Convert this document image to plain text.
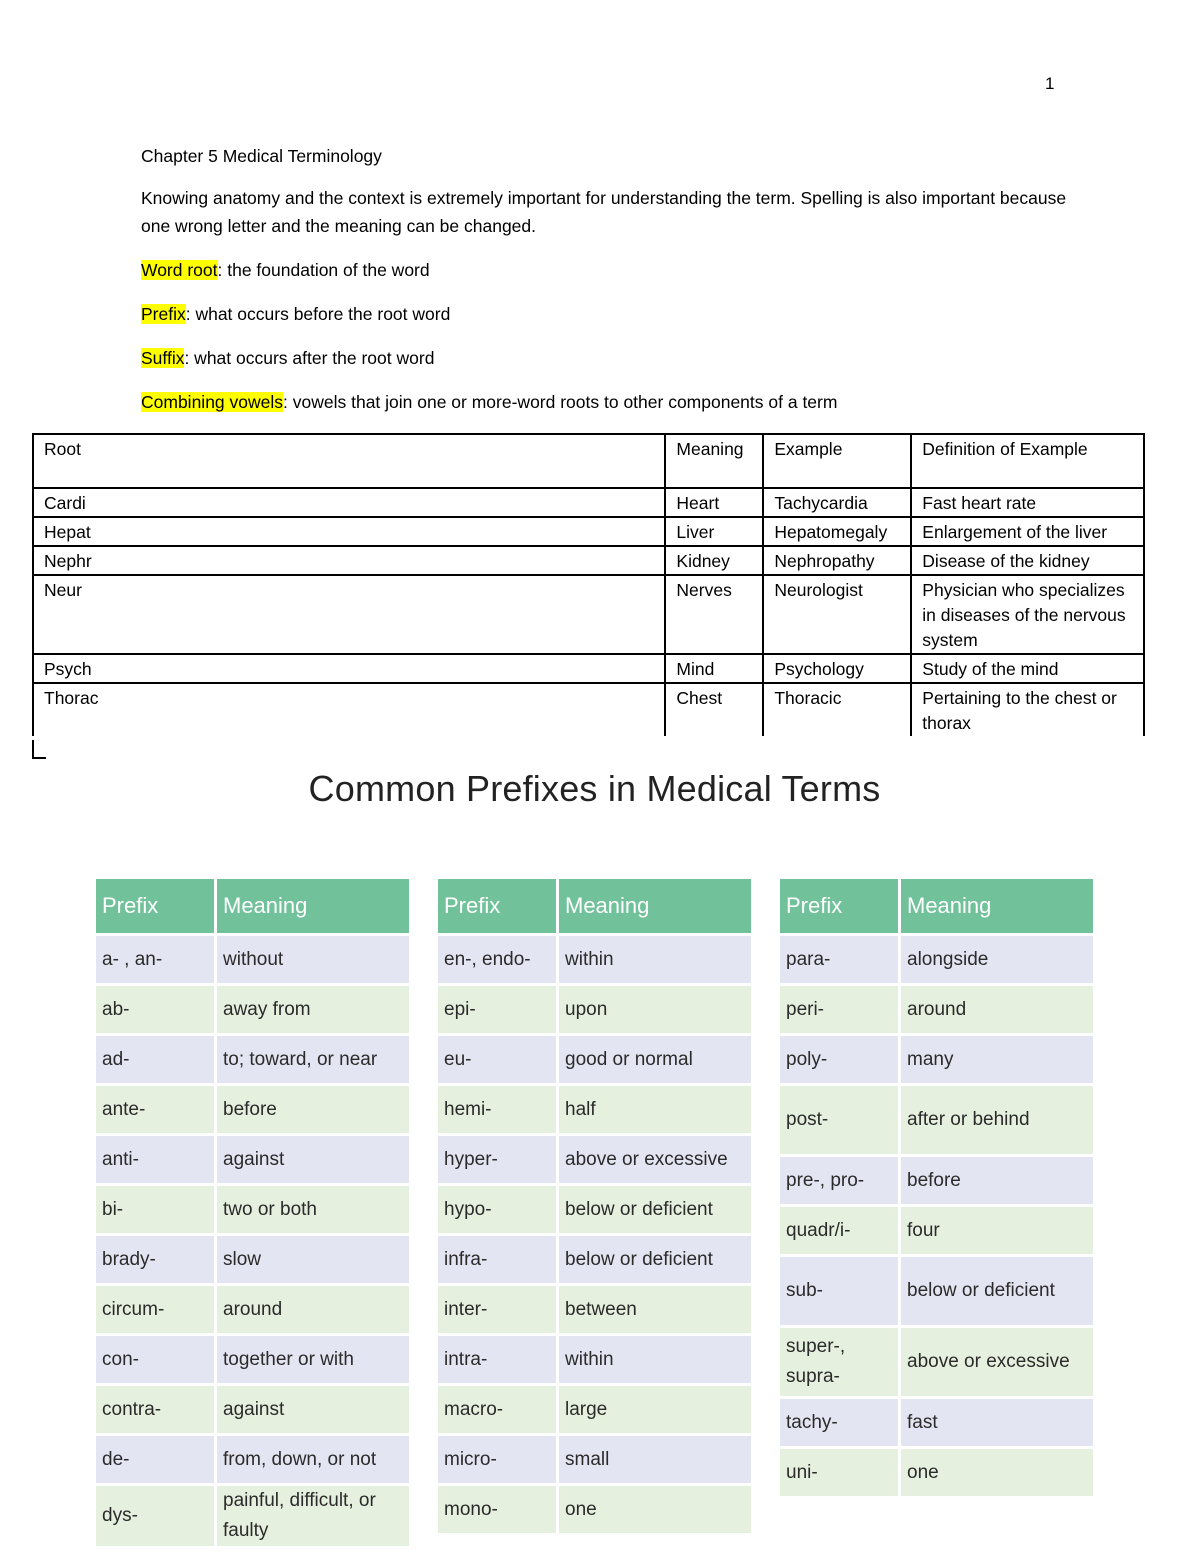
1

Chapter 5 Medical Terminology

Knowing anatomy and the context is extremely important for understanding the term. Spelling is also important because one wrong letter and the meaning can be changed.

Word root: the foundation of the word

Prefix: what occurs before the root word

Suffix: what occurs after the root word

Combining vowels: vowels that join one or more-word roots to other components of a term

Root	Meaning	Example	Definition of Example
Cardi	Heart	Tachycardia	Fast heart rate
Hepat	Liver	Hepatomegaly	Enlargement of the liver
Nephr	Kidney	Nephropathy	Disease of the kidney
Neur	Nerves	Neurologist	Physician who specializes in diseases of the nervous system
Psych	Mind	Psychology	Study of the mind
Thorac	Chest	Thoracic	Pertaining to the chest or thorax
Common Prefixes in Medical Terms
Prefix	Meaning
a- , an-	without
ab-	away from
ad-	to; toward, or near
ante-	before
anti-	against
bi-	two or both
brady-	slow
circum-	around
con-	together or with
contra-	against
de-	from, down, or not
dys-	painful, difficult, or faulty
Prefix	Meaning
en-, endo-	within
epi-	upon
eu-	good or normal
hemi-	half
hyper-	above or excessive
hypo-	below or deficient
infra-	below or deficient
inter-	between
intra-	within
macro-	large
micro-	small
mono-	one
Prefix	Meaning
para-	alongside
peri-	around
poly-	many
post-	after or behind
pre-, pro-	before
quadr/i-	four
sub-	below or deficient
super-, supra-	above or excessive
tachy-	fast
uni-	one
